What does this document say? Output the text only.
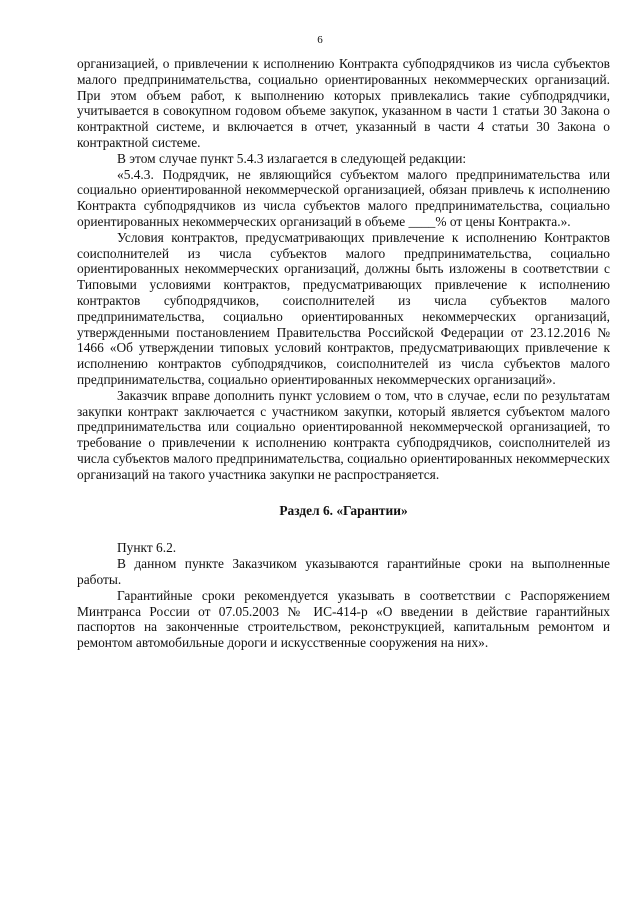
6

организацией, о привлечении к исполнению Контракта субподрядчиков из числа субъектов малого предпринимательства, социально ориентированных некоммерческих организаций. При этом объем работ, к выполнению которых привлекались такие субподрядчики, учитывается в совокупном годовом объеме закупок, указанном в части 1 статьи 30 Закона о контрактной системе, и включается в отчет, указанный в части 4 статьи 30 Закона о контрактной системе.

В этом случае пункт 5.4.3 излагается в следующей редакции:

«5.4.3. Подрядчик, не являющийся субъектом малого предпринимательства или социально ориентированной некоммерческой организацией, обязан привлечь к исполнению Контракта субподрядчиков из числа субъектов малого предпринимательства, социально ориентированных некоммерческих организаций в объеме ____% от цены Контракта.».

Условия контрактов, предусматривающих привлечение к исполнению Контрактов соисполнителей из числа субъектов малого предпринимательства, социально ориентированных некоммерческих организаций, должны быть изложены в соответствии с Типовыми условиями контрактов, предусматривающих привлечение к исполнению контрактов субподрядчиков, соисполнителей из числа субъектов малого предпринимательства, социально ориентированных некоммерческих организаций, утвержденными постановлением Правительства Российской Федерации от 23.12.2016 № 1466 «Об утверждении типовых условий контрактов, предусматривающих привлечение к исполнению контрактов субподрядчиков, соисполнителей из числа субъектов малого предпринимательства, социально ориентированных некоммерческих организаций».

Заказчик вправе дополнить пункт условием о том, что в случае, если по результатам закупки контракт заключается с участником закупки, который является субъектом малого предпринимательства или социально ориентированной некоммерческой организацией, то требование о привлечении к исполнению контракта субподрядчиков, соисполнителей из числа субъектов малого предпринимательства, социально ориентированных некоммерческих организаций на такого участника закупки не распространяется.

Раздел 6. «Гарантии»

Пункт 6.2.

В данном пункте Заказчиком указываются гарантийные сроки на выполненные работы.

Гарантийные сроки рекомендуется указывать в соответствии с Распоряжением Минтранса России от 07.05.2003 № ИС-414-р «О введении в действие гарантийных паспортов на законченные строительством, реконструкцией, капитальным ремонтом и ремонтом автомобильные дороги и искусственные сооружения на них».
